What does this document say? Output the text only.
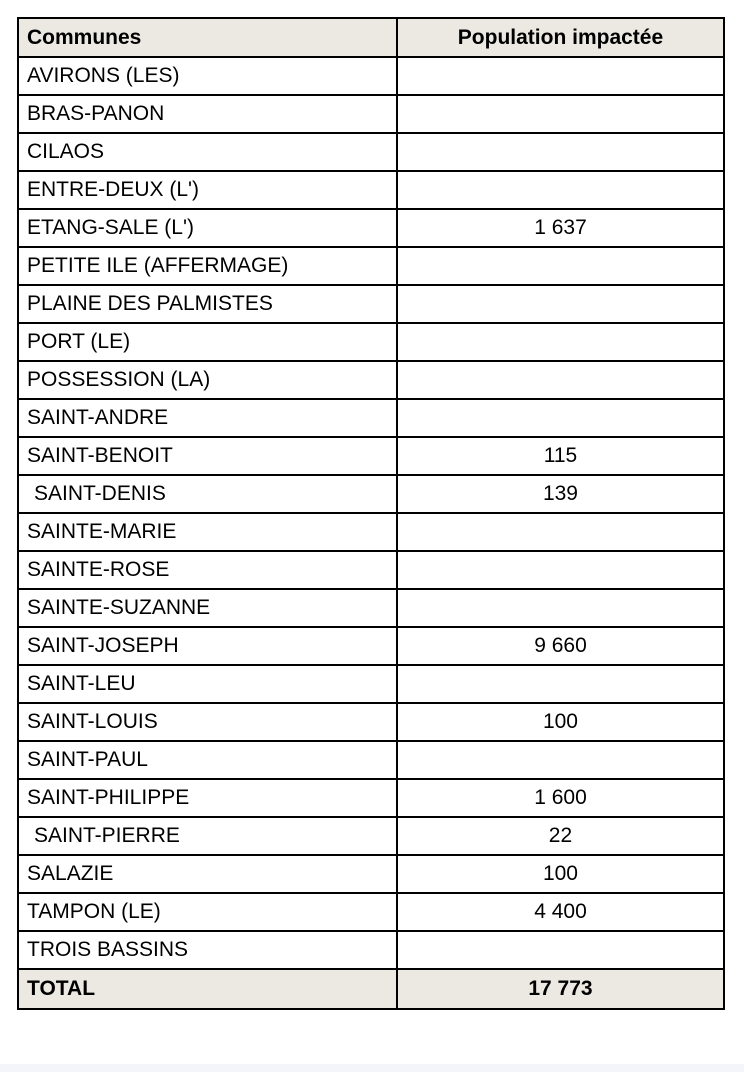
Communes	Population impactée
AVIRONS (LES)	
BRAS-PANON	
CILAOS	
ENTRE-DEUX (L')	
ETANG-SALE (L')	1 637
PETITE ILE (AFFERMAGE)	
PLAINE DES PALMISTES	
PORT (LE)	
POSSESSION (LA)	
SAINT-ANDRE	
SAINT-BENOIT	115
SAINT-DENIS	139
SAINTE-MARIE	
SAINTE-ROSE	
SAINTE-SUZANNE	
SAINT-JOSEPH	9 660
SAINT-LEU	
SAINT-LOUIS	100
SAINT-PAUL	
SAINT-PHILIPPE	1 600
SAINT-PIERRE	22
SALAZIE	100
TAMPON (LE)	4 400
TROIS BASSINS	
TOTAL	17 773
